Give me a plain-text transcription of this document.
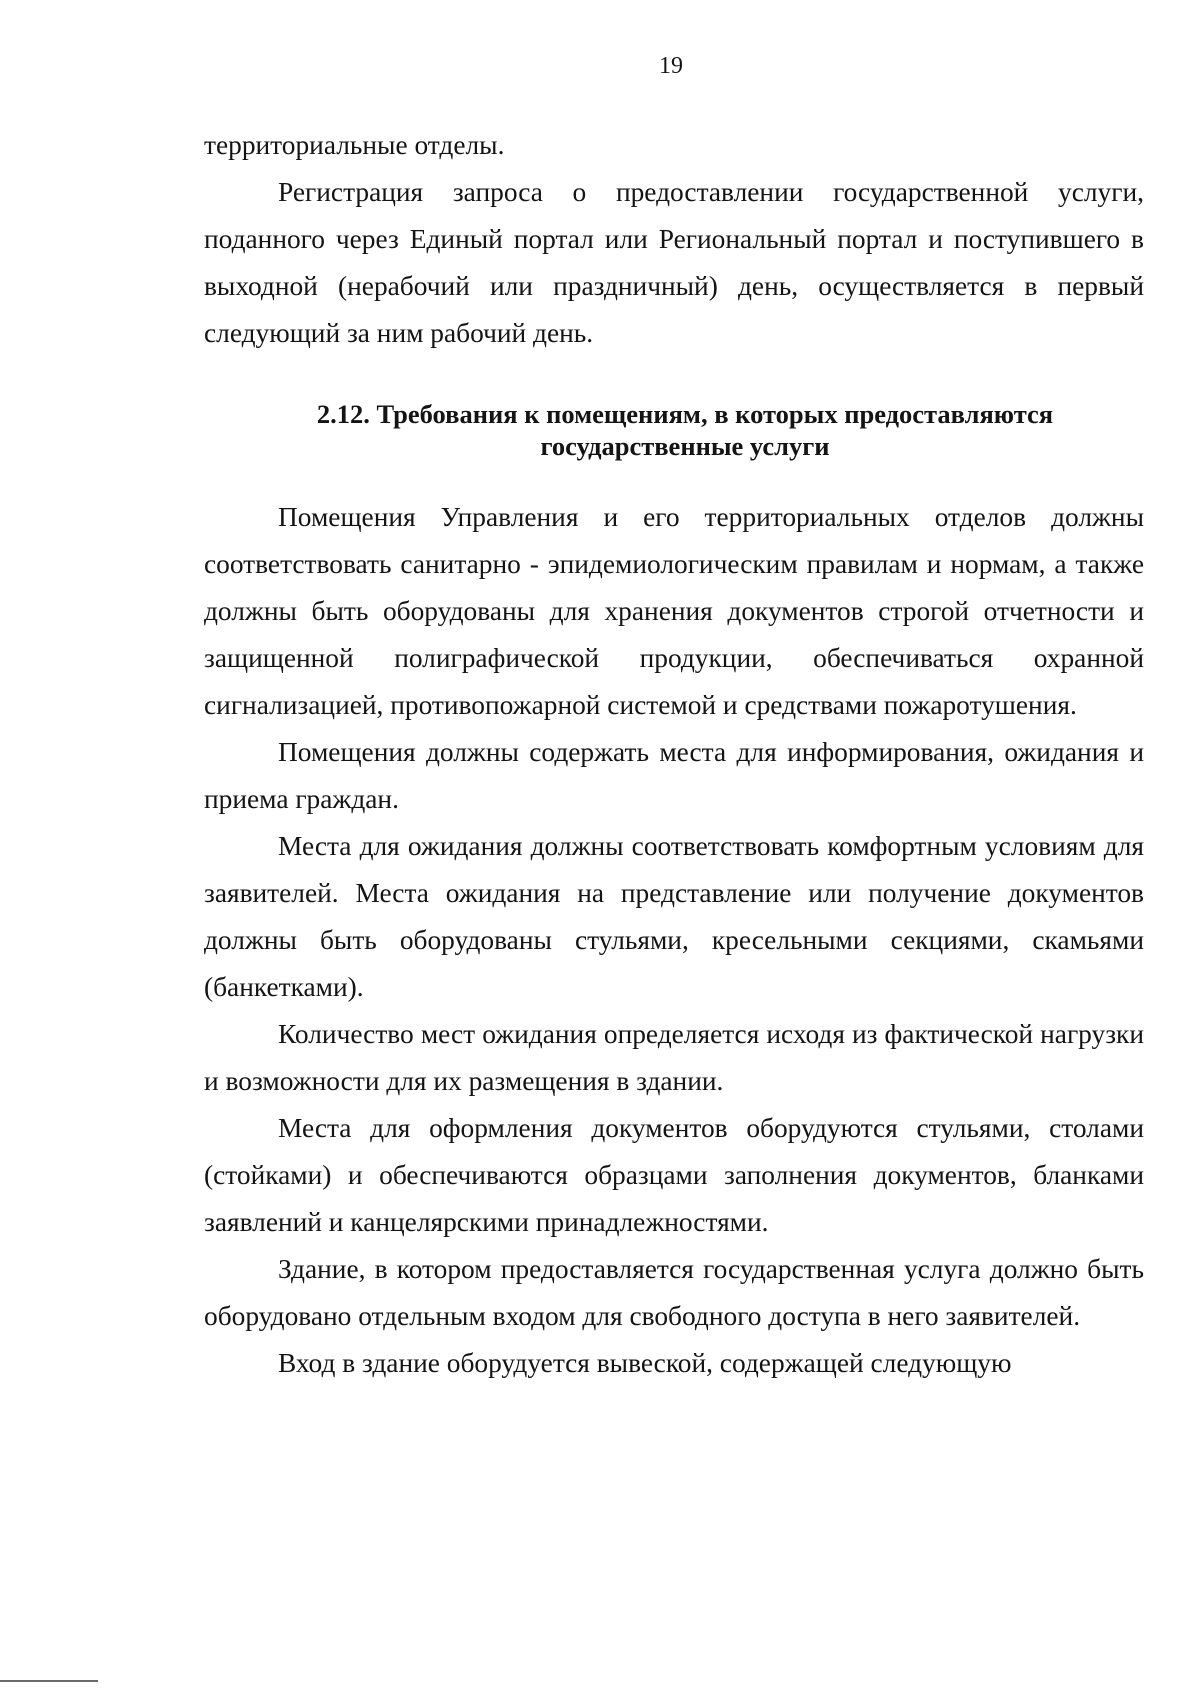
19

территориальные отделы.

Регистрация запроса о предоставлении государственной услуги, поданного через Единый портал или Региональный портал и поступившего в выходной (нерабочий или праздничный) день, осуществляется в первый следующий за ним рабочий день.

2.12. Требования к помещениям, в которых предоставляются
государственные услуги

Помещения Управления и его территориальных отделов должны соответствовать санитарно - эпидемиологическим правилам и нормам, а также должны быть оборудованы для хранения документов строгой отчетности и защищенной полиграфической продукции, обеспечиваться охранной сигнализацией, противопожарной системой и средствами пожаротушения.

Помещения должны содержать места для информирования, ожидания и приема граждан.

Места для ожидания должны соответствовать комфортным условиям для заявителей. Места ожидания на представление или получение документов должны быть оборудованы стульями, кресельными секциями, скамьями (банкетками).

Количество мест ожидания определяется исходя из фактической нагрузки и возможности для их размещения в здании.

Места для оформления документов оборудуются стульями, столами (стойками) и обеспечиваются образцами заполнения документов, бланками заявлений и канцелярскими принадлежностями.

Здание, в котором предоставляется государственная услуга должно быть оборудовано отдельным входом для свободного доступа в него заявителей.

Вход в здание оборудуется вывеской, содержащей следующую
